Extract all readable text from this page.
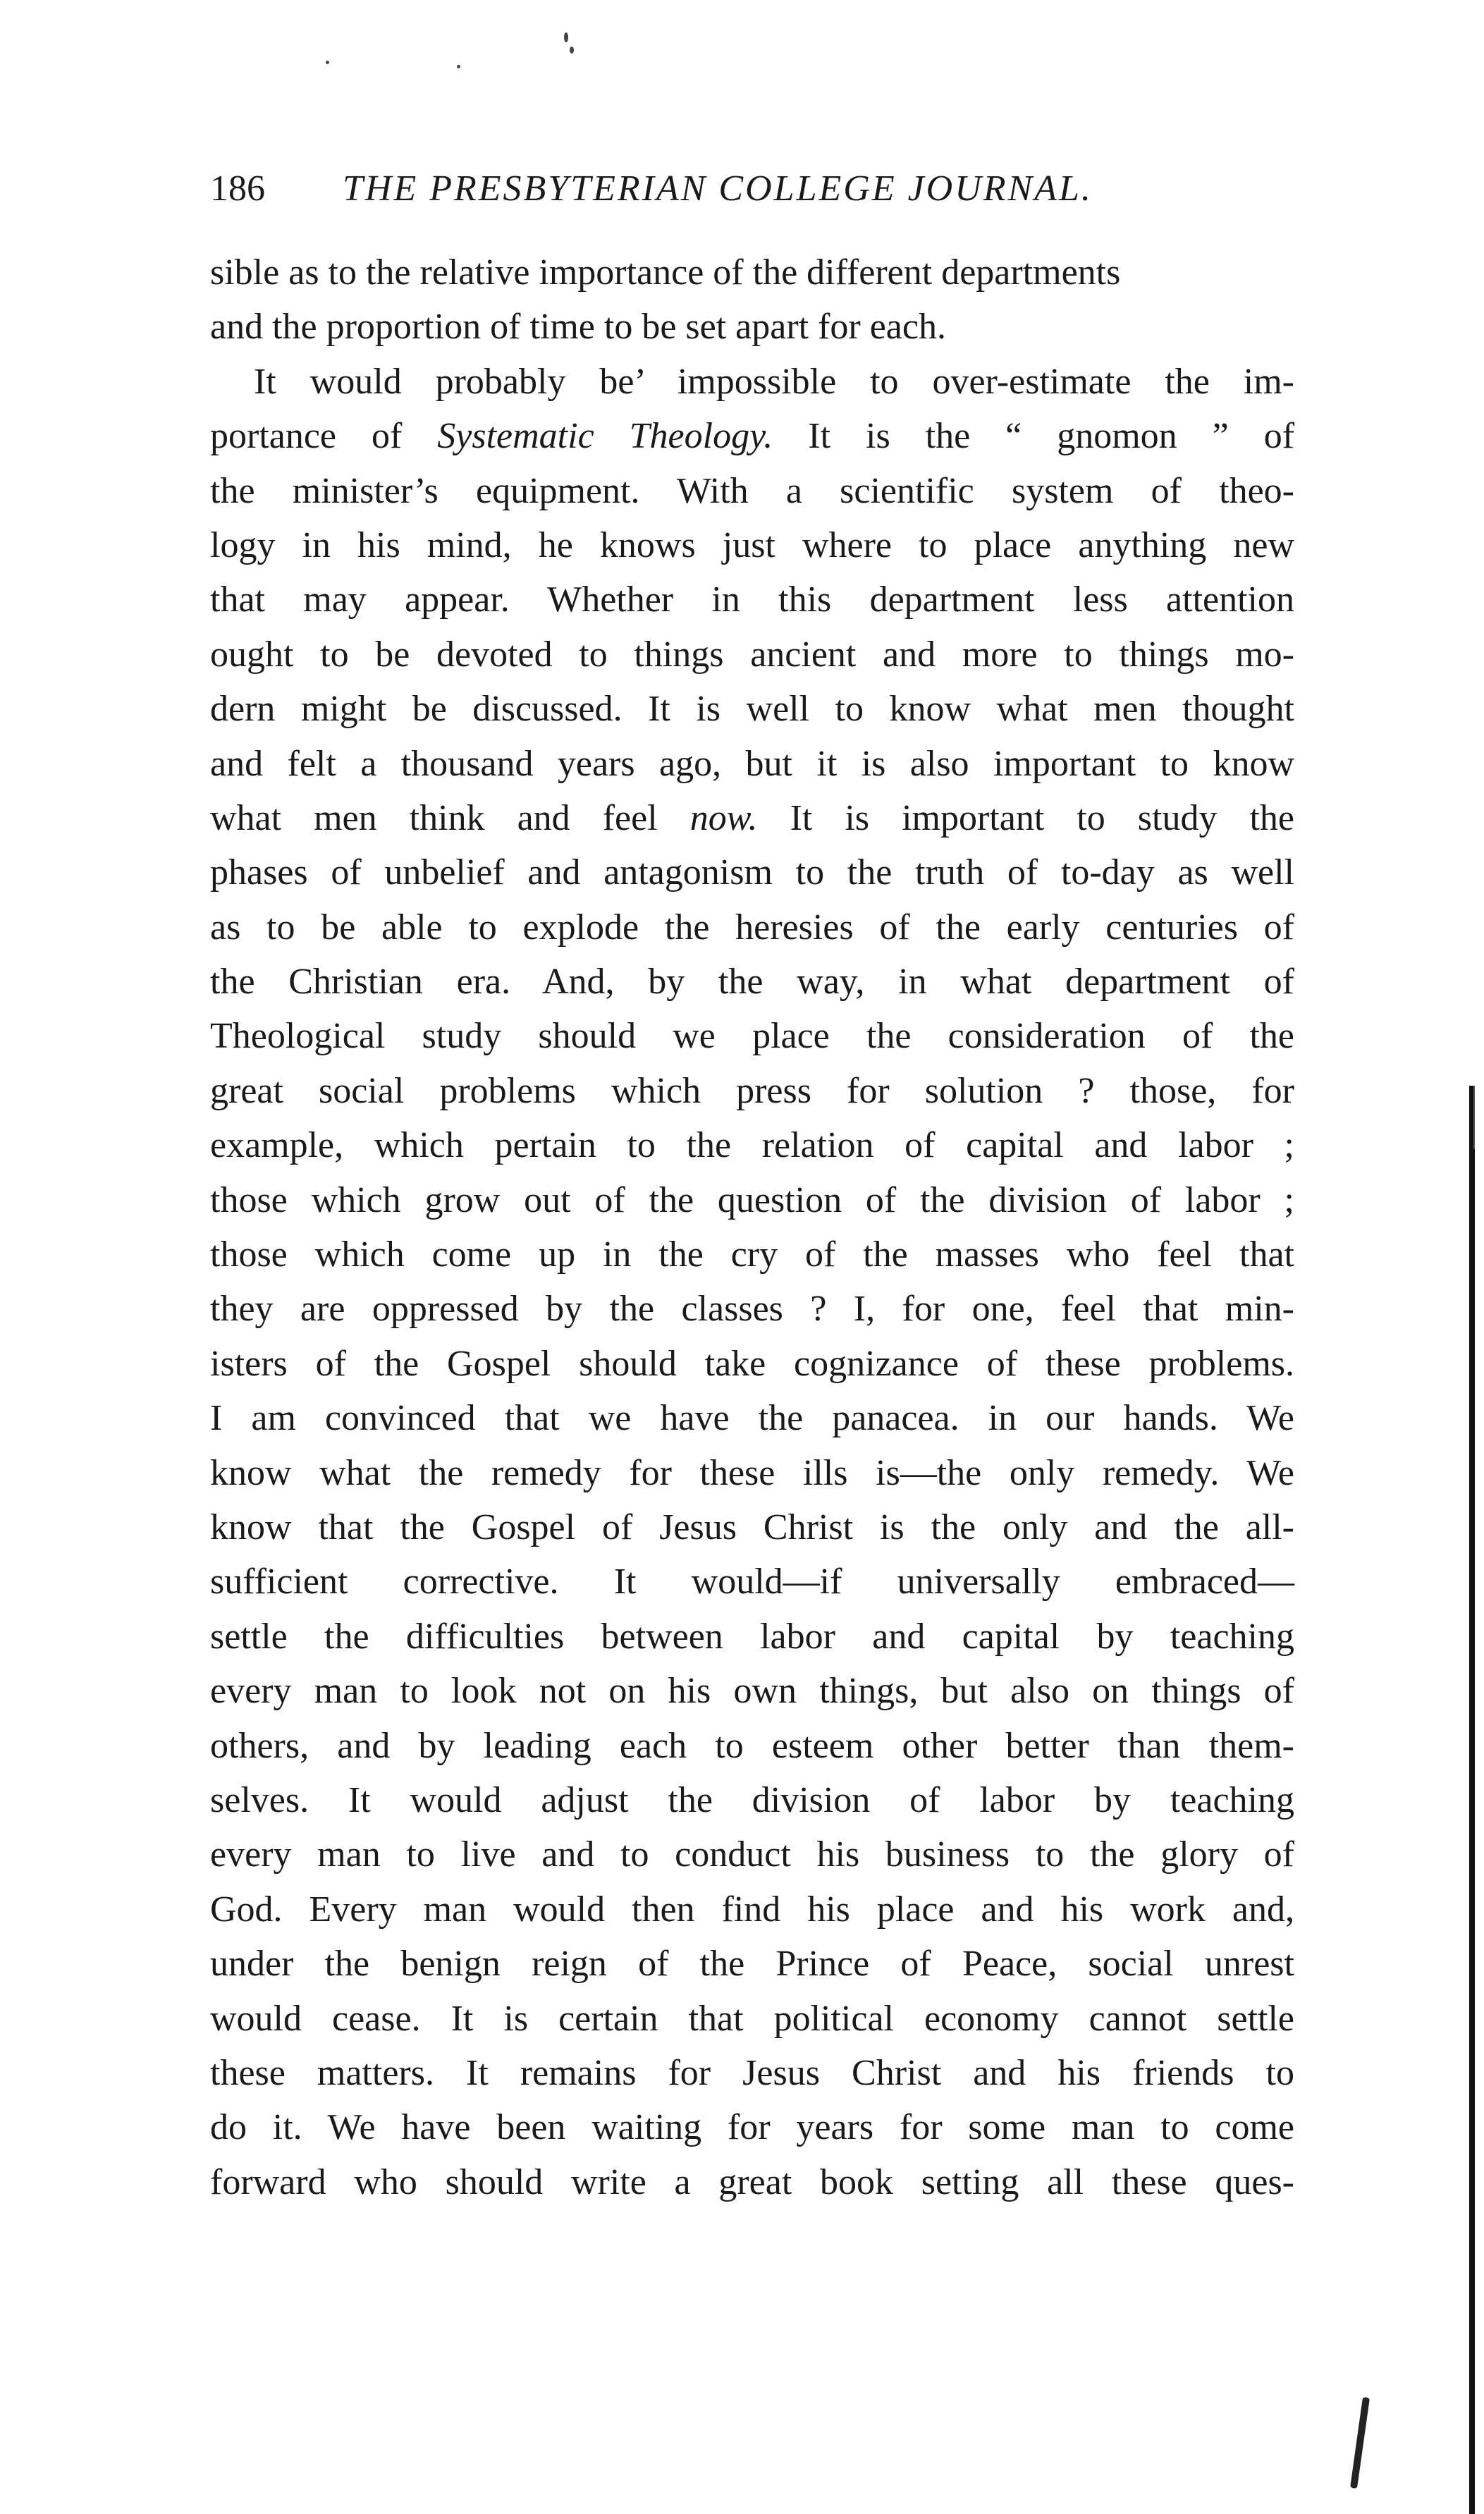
186 THE PRESBYTERIAN COLLEGE JOURNAL.
sible as to the relative importance of the different departments
and the proportion of time to be set apart for each.
It would probably be’ impossible to over-estimate the im-
portance of Systematic Theology. It is the “ gnomon ” of
the minister’s equipment. With a scientific system of theo-
logy in his mind, he knows just where to place anything new
that may appear. Whether in this department less attention
ought to be devoted to things ancient and more to things mo-
dern might be discussed. It is well to know what men thought
and felt a thousand years ago, but it is also important to know
what men think and feel now. It is important to study the
phases of unbelief and antagonism to the truth of to-day as well
as to be able to explode the heresies of the early centuries of
the Christian era. And, by the way, in what department of
Theological study should we place the consideration of the
great social problems which press for solution ? those, for
example, which pertain to the relation of capital and labor ;
those which grow out of the question of the division of labor ;
those which come up in the cry of the masses who feel that
they are oppressed by the classes ? I, for one, feel that min-
isters of the Gospel should take cognizance of these problems.
I am convinced that we have the panacea. in our hands. We
know what the remedy for these ills is—the only remedy. We
know that the Gospel of Jesus Christ is the only and the all-
sufficient corrective. It would—if universally embraced—
settle the difficulties between labor and capital by teaching
every man to look not on his own things, but also on things of
others, and by leading each to esteem other better than them-
selves. It would adjust the division of labor by teaching
every man to live and to conduct his business to the glory of
God. Every man would then find his place and his work and,
under the benign reign of the Prince of Peace, social unrest
would cease. It is certain that political economy cannot settle
these matters. It remains for Jesus Christ and his friends to
do it. We have been waiting for years for some man to come
forward who should write a great book setting all these ques-
